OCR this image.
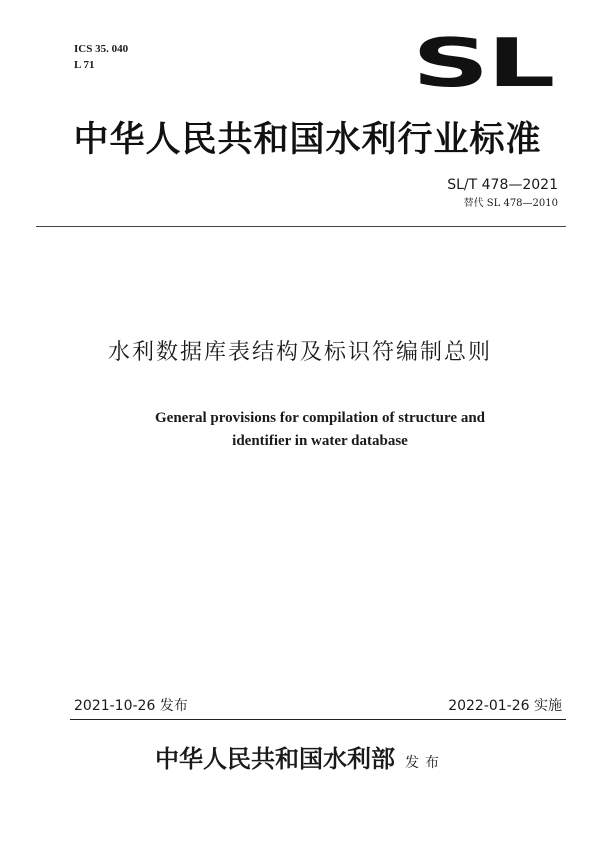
ICS 35. 040
L 71	SL
中华人民共和国水利行业标准
SL/T 478—2021
替代 SL 478—2010
水利数据库表结构及标识符编制总则
General provisions for compilation of structure and
identifier in water database
2021-10-26 发布	2022-01-26 实施
中华人民共和国水利部 发布
